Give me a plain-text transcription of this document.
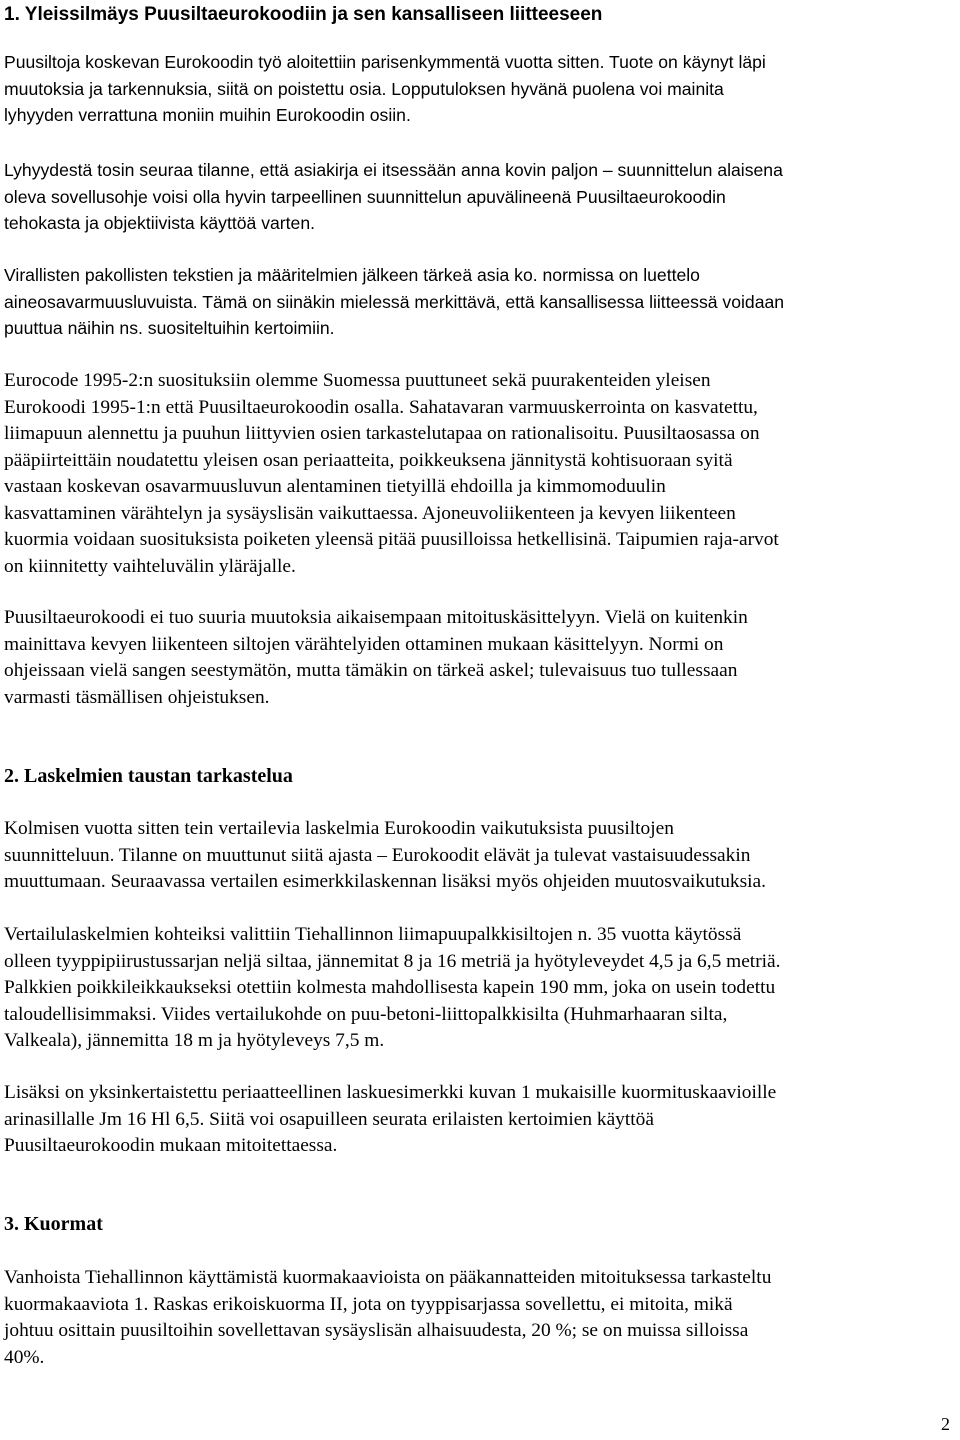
1. Yleissilmäys Puusiltaeurokoodiin ja sen kansalliseen liitteeseen

Puusiltoja koskevan Eurokoodin työ aloitettiin parisenkymmentä vuotta sitten. Tuote on käynyt läpi
muutoksia ja tarkennuksia, siitä on poistettu osia. Lopputuloksen hyvänä puolena voi mainita
lyhyyden verrattuna moniin muihin Eurokoodin osiin.

Lyhyydestä tosin seuraa tilanne, että asiakirja ei itsessään anna kovin paljon – suunnittelun alaisena
oleva sovellusohje voisi olla hyvin tarpeellinen suunnittelun apuvälineenä Puusiltaeurokoodin
tehokasta ja objektiivista käyttöä varten.

Virallisten pakollisten tekstien ja määritelmien jälkeen tärkeä asia ko. normissa on luettelo
aineosavarmuusluvuista. Tämä on siinäkin mielessä merkittävä, että kansallisessa liitteessä voidaan
puuttua näihin ns. suositeltuihin kertoimiin.

Eurocode 1995-2:n suosituksiin olemme Suomessa puuttuneet sekä puurakenteiden yleisen
Eurokoodi 1995-1:n että Puusiltaeurokoodin osalla. Sahatavaran varmuuskerrointa on kasvatettu,
liimapuun alennettu ja puuhun liittyvien osien tarkastelutapaa on rationalisoitu. Puusiltaosassa on
pääpiirteittäin noudatettu yleisen osan periaatteita, poikkeuksena jännitystä kohtisuoraan syitä
vastaan koskevan osavarmuusluvun alentaminen tietyillä ehdoilla ja kimmomoduulin
kasvattaminen värähtelyn ja sysäyslisän vaikuttaessa. Ajoneuvoliikenteen ja kevyen liikenteen
kuormia voidaan suosituksista poiketen yleensä pitää puusilloissa hetkellisinä. Taipumien raja-arvot
on kiinnitetty vaihteluvälin yläräjalle.

Puusiltaeurokoodi ei tuo suuria muutoksia aikaisempaan mitoituskäsittelyyn. Vielä on kuitenkin
mainittava kevyen liikenteen siltojen värähtelyiden ottaminen mukaan käsittelyyn. Normi on
ohjeissaan vielä sangen seestymätön, mutta tämäkin on tärkeä askel; tulevaisuus tuo tullessaan
varmasti täsmällisen ohjeistuksen.

2. Laskelmien taustan tarkastelua

Kolmisen vuotta sitten tein vertailevia laskelmia Eurokoodin vaikutuksista puusiltojen
suunnitteluun. Tilanne on muuttunut siitä ajasta – Eurokoodit elävät ja tulevat vastaisuudessakin
muuttumaan. Seuraavassa vertailen esimerkkilaskennan lisäksi myös ohjeiden muutosvaikutuksia.

Vertailulaskelmien kohteiksi valittiin Tiehallinnon liimapuupalkkisiltojen n. 35 vuotta käytössä
olleen tyyppipiirustussarjan neljä siltaa, jännemitat 8 ja 16 metriä ja hyötyleveydet 4,5 ja 6,5 metriä.
Palkkien poikkileikkaukseksi otettiin kolmesta mahdollisesta kapein 190 mm, joka on usein todettu
taloudellisimmaksi. Viides vertailukohde on puu-betoni-liittopalkkisilta (Huhmarhaaran silta,
Valkeala), jännemitta 18 m ja hyötyleveys 7,5 m.

Lisäksi on yksinkertaistettu periaatteellinen laskuesimerkki kuvan 1 mukaisille kuormituskaavioille
arinasillalle Jm 16 Hl 6,5. Siitä voi osapuilleen seurata erilaisten kertoimien käyttöä
Puusiltaeurokoodin mukaan mitoitettaessa.

3. Kuormat

Vanhoista Tiehallinnon käyttämistä kuormakaavioista on pääkannatteiden mitoituksessa tarkasteltu
kuormakaaviota 1. Raskas erikoiskuorma II, jota on tyyppisarjassa sovellettu, ei mitoita, mikä
johtuu osittain puusiltoihin sovellettavan sysäyslisän alhaisuudesta, 20 %; se on muissa silloissa
40%.

2
